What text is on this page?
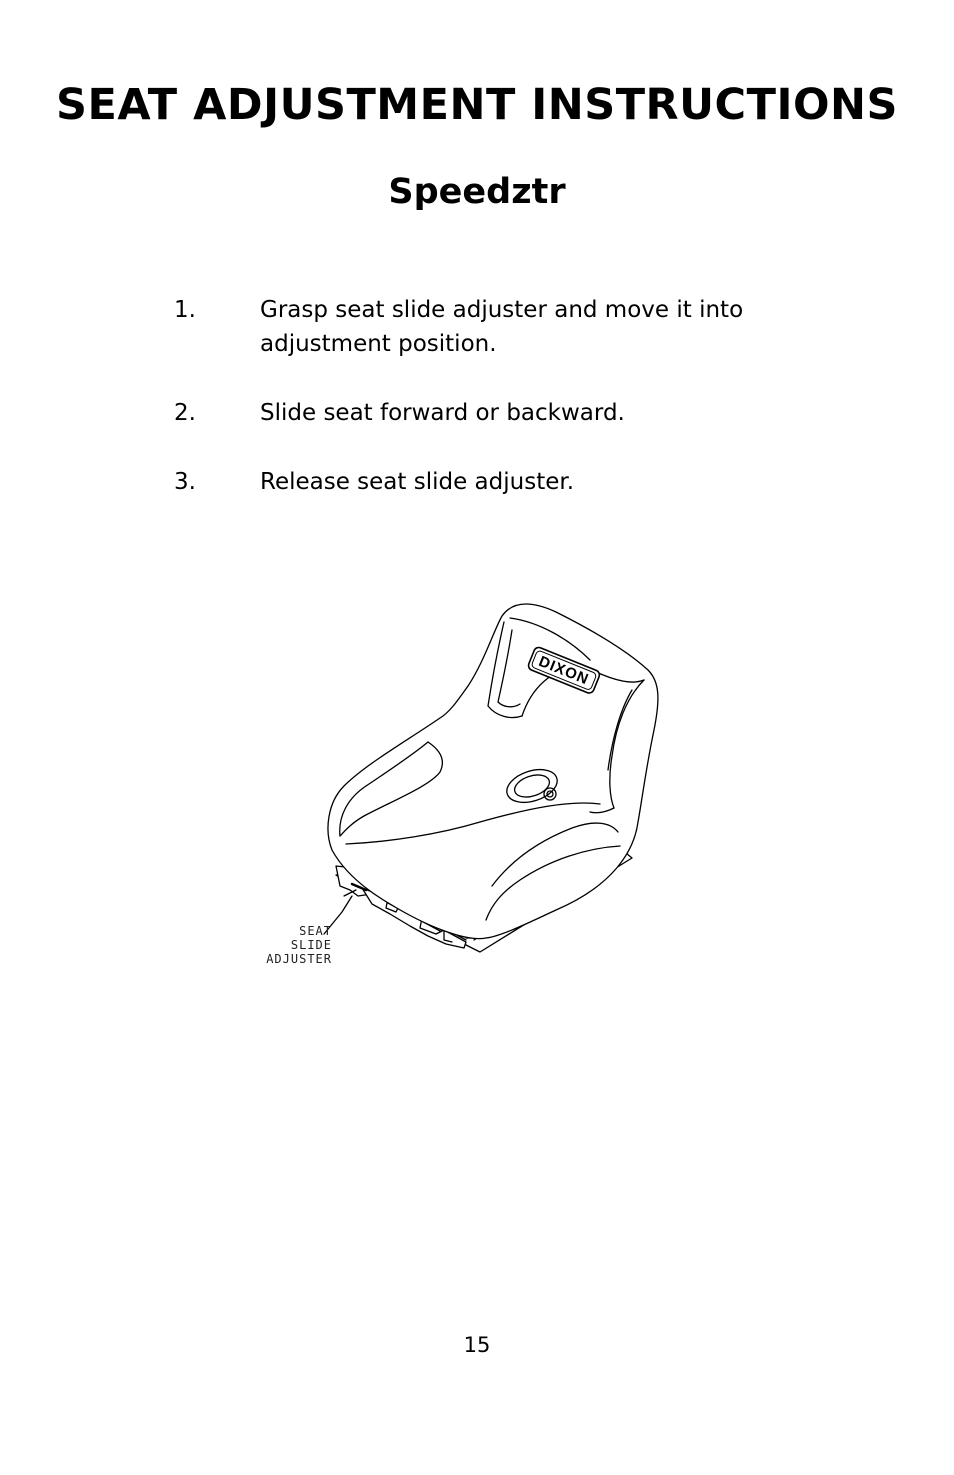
SEAT ADJUSTMENT INSTRUCTIONS
Speedztr
1.	Grasp seat slide adjuster and move it into adjustment position.
2.	Slide seat forward or backward.
3.	Release seat slide adjuster.
DIXON
SEAT
SLIDE
ADJUSTER
15
